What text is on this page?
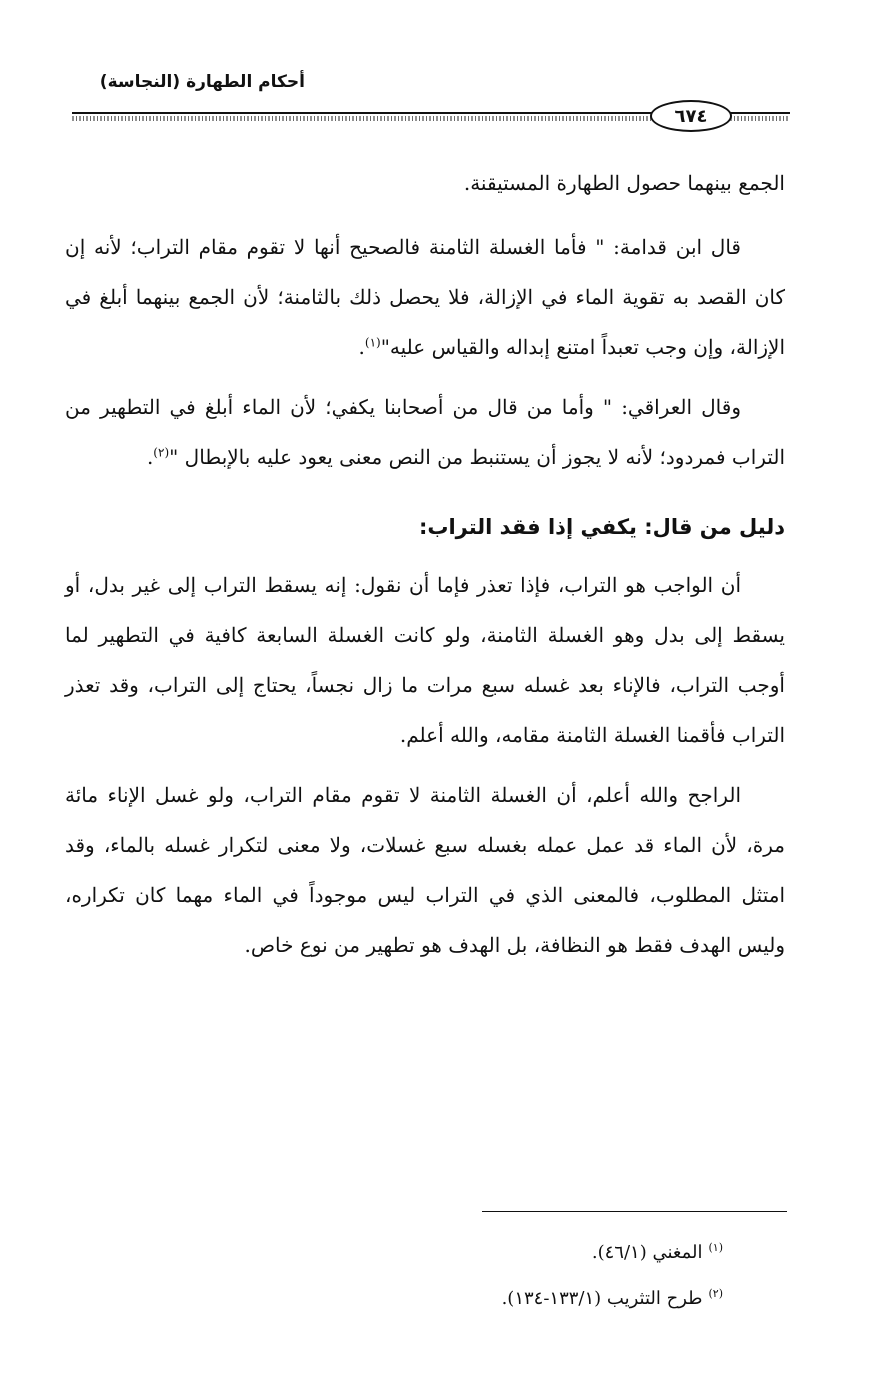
أحكام الطهارة (النجاسة)
٦٧٤

الجمع بينهما حصول الطهارة المستيقنة.

قال ابن قدامة: " فأما الغسلة الثامنة فالصحيح أنها لا تقوم مقام التراب؛ لأنه إن كان القصد به تقوية الماء في الإزالة، فلا يحصل ذلك بالثامنة؛ لأن الجمع بينهما أبلغ في الإزالة، وإن وجب تعبداً امتنع إبداله والقياس عليه"$^{(١)}$.

وقال العراقي: " وأما من قال من أصحابنا يكفي؛ لأن الماء أبلغ في التطهير من التراب فمردود؛ لأنه لا يجوز أن يستنبط من النص معنى يعود عليه بالإبطال "$^{(٢)}$.

دليل من قال: يكفي إذا فقد التراب:

أن الواجب هو التراب، فإذا تعذر فإما أن نقول: إنه يسقط التراب إلى غير بدل، أو يسقط إلى بدل وهو الغسلة الثامنة، ولو كانت الغسلة السابعة كافية في التطهير لما أوجب التراب، فالإناء بعد غسله سبع مرات ما زال نجساً، يحتاج إلى التراب، وقد تعذر التراب فأقمنا الغسلة الثامنة مقامه، والله أعلم.

الراجح والله أعلم، أن الغسلة الثامنة لا تقوم مقام التراب، ولو غسل الإناء مائة مرة، لأن الماء قد عمل عمله بغسله سبع غسلات، ولا معنى لتكرار غسله بالماء، وقد امتثل المطلوب، فالمعنى الذي في التراب ليس موجوداً في الماء مهما كان تكراره، وليس الهدف فقط هو النظافة، بل الهدف هو تطهير من نوع خاص.

$^{(١)}$المغني (٤٦/١).
$^{(٢)}$طرح التثريب (١٣٣/١-١٣٤).
